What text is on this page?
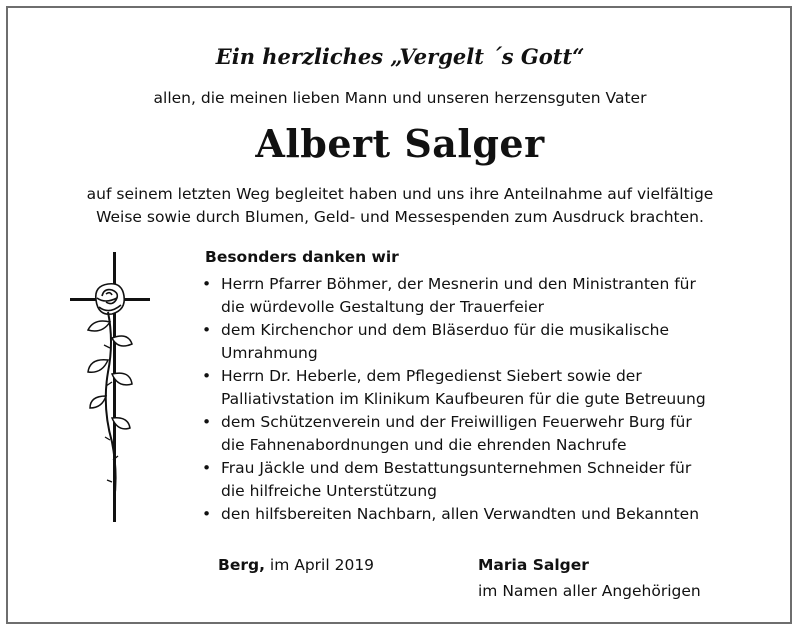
Ein herzliches „Vergelt ´s Gott“
allen, die meinen lieben Mann und unseren herzensguten Vater
Albert Salger
auf seinem letzten Weg begleitet haben und uns ihre Anteilnahme auf vielfältige
Weise sowie durch Blumen, Geld- und Messespenden zum Ausdruck brachten.
Besonders danken wir
• Herrn Pfarrer Böhmer, der Mesnerin und den Ministranten für
die würdevolle Gestaltung der Trauerfeier
• dem Kirchenchor und dem Bläserduo für die musikalische
Umrahmung
• Herrn Dr. Heberle, dem Pflegedienst Siebert sowie der
Palliativstation im Klinikum Kaufbeuren für die gute Betreuung
• dem Schützenverein und der Freiwilligen Feuerwehr Burg für
die Fahnenabordnungen und die ehrenden Nachrufe
• Frau Jäckle und dem Bestattungsunternehmen Schneider für
die hilfreiche Unterstützung
• den hilfsbereiten Nachbarn, allen Verwandten und Bekannten
Berg, im April 2019	Maria Salger
im Namen aller Angehörigen
